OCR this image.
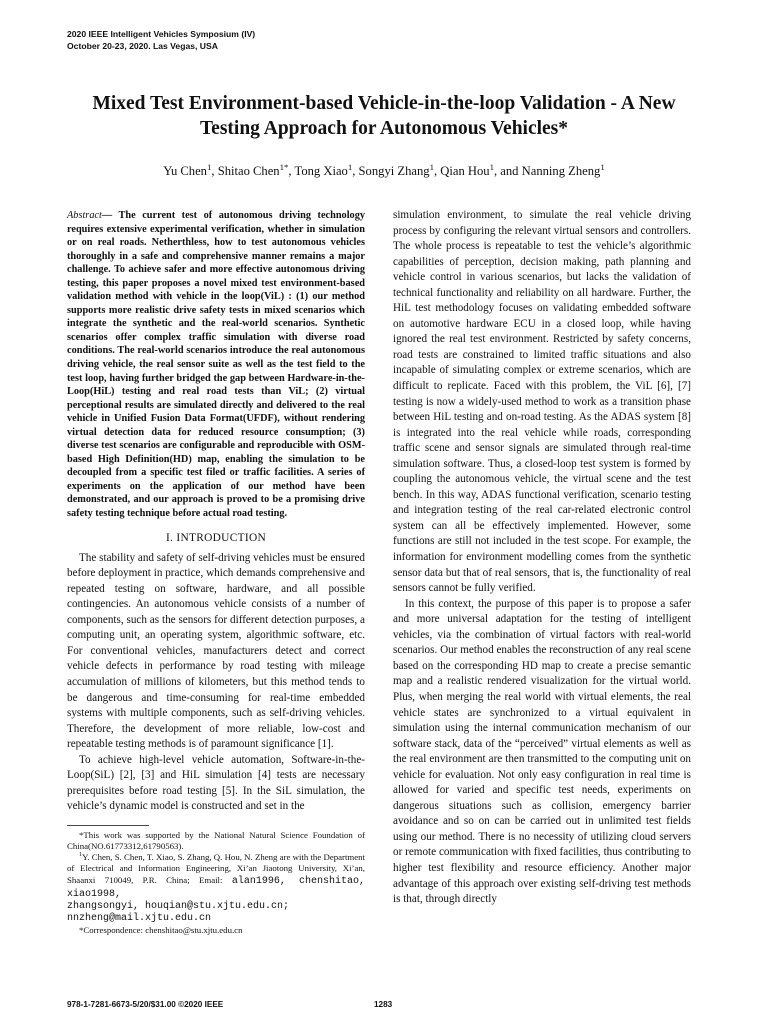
2020 IEEE Intelligent Vehicles Symposium (IV)
October 20-23, 2020. Las Vegas, USA
Mixed Test Environment-based Vehicle-in-the-loop Validation - A New
Testing Approach for Autonomous Vehicles*
Yu Chen$^1$, Shitao Chen$^{1*}$, Tong Xiao$^1$, Songyi Zhang$^1$, Qian Hou$^1$, and Nanning Zheng$^1$

Abstract— The current test of autonomous driving technology requires extensive experimental verification, whether in simulation or on real roads. Netherthless, how to test autonomous vehicles thoroughly in a safe and comprehensive manner remains a major challenge. To achieve safer and more effective autonomous driving testing, this paper proposes a novel mixed test environment-based validation method with vehicle in the loop(ViL) : (1) our method supports more realistic drive safety tests in mixed scenarios which integrate the synthetic and the real-world scenarios. Synthetic scenarios offer complex traffic simulation with diverse road conditions. The real-world scenarios introduce the real autonomous driving vehicle, the real sensor suite as well as the test field to the test loop, having further bridged the gap between Hardware-in-the-Loop(HiL) testing and real road tests than ViL; (2) virtual perceptional results are simulated directly and delivered to the real vehicle in Unified Fusion Data Format(UFDF), without rendering virtual detection data for reduced resource consumption; (3) diverse test scenarios are configurable and reproducible with OSM-based High Definition(HD) map, enabling the simulation to be decoupled from a specific test filed or traffic facilities. A series of experiments on the application of our method have been demonstrated, and our approach is proved to be a promising drive safety testing technique before actual road testing.

I. INTRODUCTION

The stability and safety of self-driving vehicles must be ensured before deployment in practice, which demands comprehensive and repeated testing on software, hardware, and all possible contingencies. An autonomous vehicle consists of a number of components, such as the sensors for different detection purposes, a computing unit, an operating system, algorithmic software, etc. For conventional vehicles, manufacturers detect and correct vehicle defects in performance by road testing with mileage accumulation of millions of kilometers, but this method tends to be dangerous and time-consuming for real-time embedded systems with multiple components, such as self-driving vehicles. Therefore, the development of more reliable, low-cost and repeatable testing methods is of paramount significance [1].

To achieve high-level vehicle automation, Software-in-the-Loop(SiL) [2], [3] and HiL simulation [4] tests are necessary prerequisites before road testing [5]. In the SiL simulation, the vehicle’s dynamic model is constructed and set in the

*This work was supported by the National Natural Science Foundation of China(NO.61773312,61790563).

$^1$Y. Chen, S. Chen, T. Xiao, S. Zhang, Q. Hou, N. Zheng are with the Department of Electrical and Information Engineering, Xi’an Jiaotong University, Xi’an, Shaanxi 710049, P.R. China; Email: alan1996, chenshitao, xiao1998,

zhangsongyi, houqian@stu.xjtu.edu.cn;
nnzheng@mail.xjtu.edu.cn

*Correspondence: chenshitao@stu.xjtu.edu.cn

simulation environment, to simulate the real vehicle driving process by configuring the relevant virtual sensors and controllers. The whole process is repeatable to test the vehicle’s algorithmic capabilities of perception, decision making, path planning and vehicle control in various scenarios, but lacks the validation of technical functionality and reliability on all hardware. Further, the HiL test methodology focuses on validating embedded software on automotive hardware ECU in a closed loop, while having ignored the real test environment. Restricted by safety concerns, road tests are constrained to limited traffic situations and also incapable of simulating complex or extreme scenarios, which are difficult to replicate. Faced with this problem, the ViL [6], [7] testing is now a widely-used method to work as a transition phase between HiL testing and on-road testing. As the ADAS system [8] is integrated into the real vehicle while roads, corresponding traffic scene and sensor signals are simulated through real-time simulation software. Thus, a closed-loop test system is formed by coupling the autonomous vehicle, the virtual scene and the test bench. In this way, ADAS functional verification, scenario testing and integration testing of the real car-related electronic control system can all be effectively implemented. However, some functions are still not included in the test scope. For example, the information for environment modelling comes from the synthetic sensor data but that of real sensors, that is, the functionality of real sensors cannot be fully verified.

In this context, the purpose of this paper is to propose a safer and more universal adaptation for the testing of intelligent vehicles, via the combination of virtual factors with real-world scenarios. Our method enables the reconstruction of any real scene based on the corresponding HD map to create a precise semantic map and a realistic rendered visualization for the virtual world. Plus, when merging the real world with virtual elements, the real vehicle states are synchronized to a virtual equivalent in simulation using the internal communication mechanism of our software stack, data of the “perceived” virtual elements as well as the real environment are then transmitted to the computing unit on vehicle for evaluation. Not only easy configuration in real time is allowed for varied and specific test needs, experiments on dangerous situations such as collision, emergency barrier avoidance and so on can be carried out in unlimited test fields using our method. There is no necessity of utilizing cloud servers or remote communication with fixed facilities, thus contributing to higher test flexibility and resource efficiency. Another major advantage of this approach over existing self-driving test methods is that, through directly

978-1-7281-6673-5/20/$31.00 ©2020 IEEE	1283
